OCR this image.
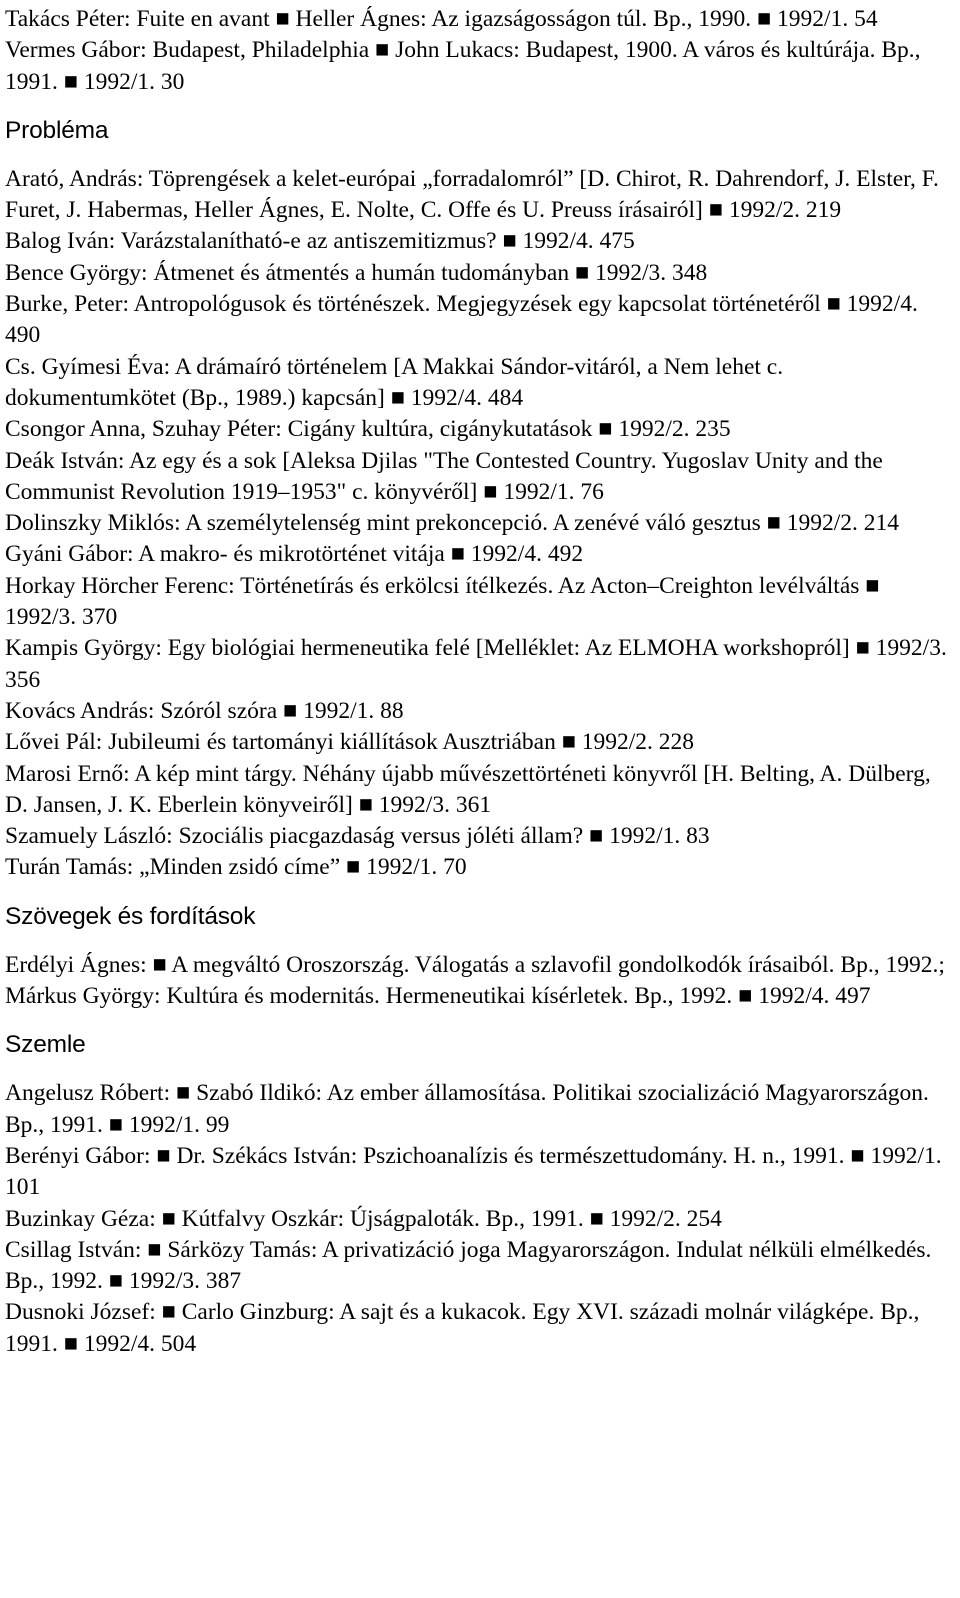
Takács Péter: Fuite en avant ■ Heller Ágnes: Az igazságosságon túl. Bp., 1990. ■ 1992/1. 54

Vermes Gábor: Budapest, Philadelphia ■ John Lukacs: Budapest, 1900. A város és kultúrája. Bp., 1991. ■ 1992/1. 30

Probléma

Arató, András: Töprengések a kelet-európai „forradalomról” [D. Chirot, R. Dahrendorf, J. Elster, F. Furet, J. Habermas, Heller Ágnes, E. Nolte, C. Offe és U. Preuss írásairól] ■ 1992/2. 219

Balog Iván: Varázstalanítható-e az antiszemitizmus? ■ 1992/4. 475

Bence György: Átmenet és átmentés a humán tudományban ■ 1992/3. 348

Burke, Peter: Antropológusok és történészek. Megjegyzések egy kapcsolat történetéről ■ 1992/4. 490

Cs. Gyímesi Éva: A drámaíró történelem [A Makkai Sándor-vitáról, a Nem lehet c. dokumentumkötet (Bp., 1989.) kapcsán] ■ 1992/4. 484

Csongor Anna, Szuhay Péter: Cigány kultúra, cigánykutatások ■ 1992/2. 235

Deák István: Az egy és a sok [Aleksa Djilas "The Contested Country. Yugoslav Unity and the Communist Revolution 1919–1953" c. könyvéről] ■ 1992/1. 76

Dolinszky Miklós: A személytelenség mint prekoncepció. A zenévé váló gesztus ■ 1992/2. 214

Gyáni Gábor: A makro- és mikrotörténet vitája ■ 1992/4. 492

Horkay Hörcher Ferenc: Történetírás és erkölcsi ítélkezés. Az Acton–Creighton levélváltás ■ 1992/3. 370

Kampis György: Egy biológiai hermeneutika felé [Melléklet: Az ELMOHA workshopról] ■ 1992/3. 356

Kovács András: Szóról szóra ■ 1992/1. 88

Lővei Pál: Jubileumi és tartományi kiállítások Ausztriában ■ 1992/2. 228

Marosi Ernő: A kép mint tárgy. Néhány újabb művészettörténeti könyvről [H. Belting, A. Dülberg, D. Jansen, J. K. Eberlein könyveiről] ■ 1992/3. 361

Szamuely László: Szociális piacgazdaság versus jóléti állam? ■ 1992/1. 83

Turán Tamás: „Minden zsidó címe” ■ 1992/1. 70

Szövegek és fordítások

Erdélyi Ágnes: ■ A megváltó Oroszország. Válogatás a szlavofil gondolkodók írásaiból. Bp., 1992.; Márkus György: Kultúra és modernitás. Hermeneutikai kísérletek. Bp., 1992. ■ 1992/4. 497

Szemle

Angelusz Róbert: ■ Szabó Ildikó: Az ember államosítása. Politikai szocializáció Magyarországon. Bp., 1991. ■ 1992/1. 99

Berényi Gábor: ■ Dr. Székács István: Pszichoanalízis és természettudomány. H. n., 1991. ■ 1992/1. 101

Buzinkay Géza: ■ Kútfalvy Oszkár: Újságpaloták. Bp., 1991. ■ 1992/2. 254

Csillag István: ■ Sárközy Tamás: A privatizáció joga Magyarországon. Indulat nélküli elmélkedés. Bp., 1992. ■ 1992/3. 387

Dusnoki József: ■ Carlo Ginzburg: A sajt és a kukacok. Egy XVI. századi molnár világképe. Bp., 1991. ■ 1992/4. 504
